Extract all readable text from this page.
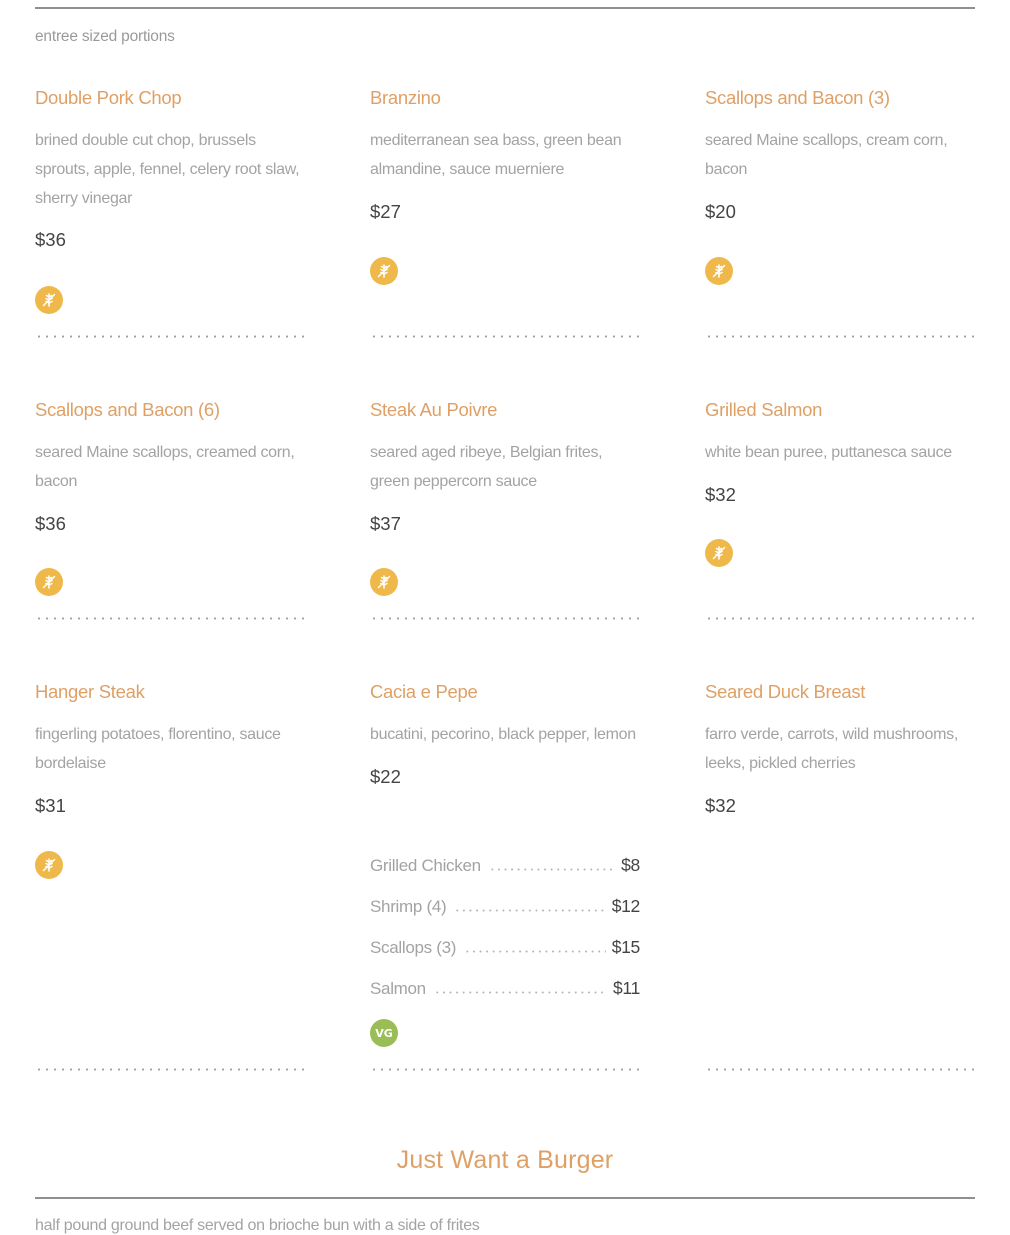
entree sized portions
Double Pork Chop
brined double cut chop, brussels sprouts, apple, fennel, celery root slaw, sherry vinegar
$36
Branzino
mediterranean sea bass, green bean almandine, sauce muerniere
$27
Scallops and Bacon (3)
seared Maine scallops, cream corn, bacon
$20
Scallops and Bacon (6)
seared Maine scallops, creamed corn, bacon
$36
Steak Au Poivre
seared aged ribeye, Belgian frites, green peppercorn sauce
$37
Grilled Salmon
white bean puree, puttanesca sauce
$32
Hanger Steak
fingerling potatoes, florentino, sauce bordelaise
$31
Cacia e Pepe
bucatini, pecorino, black pepper, lemon
$22
Seared Duck Breast
farro verde, carrots, wild mushrooms, leeks, pickled cherries
$32
Grilled Chicken	$8
Shrimp (4)	$12
Scallops (3)	$15
Salmon	$11
VG
Just Want a Burger
half pound ground beef served on brioche bun with a side of frites
